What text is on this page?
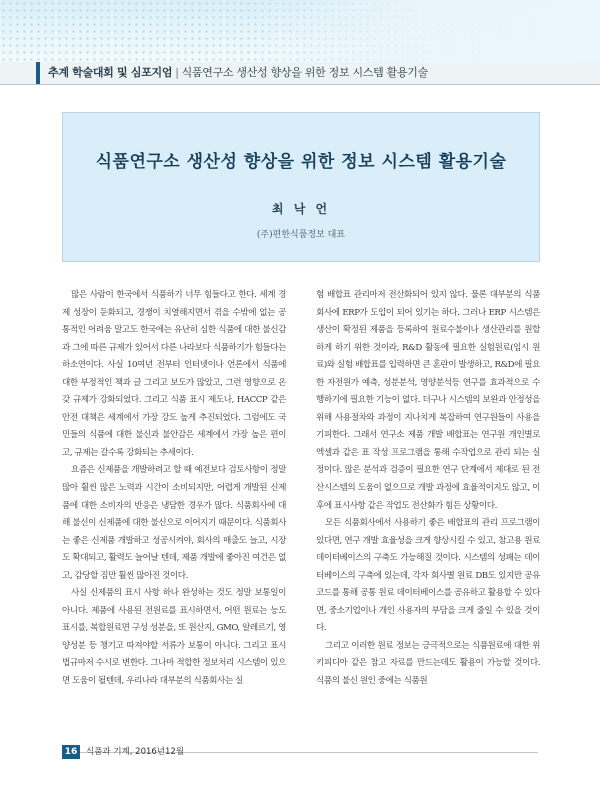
추계 학술대회 및 심포지엄 | 식품연구소 생산성 향상을 위한 정보 시스템 활용기술
식품연구소 생산성 향상을 위한 정보 시스템 활용기술
최 낙 언
(주)편한식품정보 대표

많은 사람이 한국에서 식품하기 너무 힘들다고 한다. 세계 경제 성장이 둔화되고, 경쟁이 치열해지면서 겪을 수밖에 없는 공통적인 어려움 말고도 한국에는 유난히 심한 식품에 대한 불신감과 그에 따른 규제가 있어서 다른 나라보다 식품하기가 힘들다는 하소연이다. 사실 10여년 전부터 인터넷이나 언론에서 식품에 대한 부정적인 책과 글 그리고 보도가 많았고, 그런 영향으로 온갖 규제가 강화되었다. 그리고 식품 표시 제도나, HACCP 같은 안전 대책은 세계에서 가장 강도 높게 추진되었다. 그럼에도 국민들의 식품에 대한 불신과 불안감은 세계에서 가장 높은 편이고, 규제는 갈수록 강화되는 추세이다.

요즘은 신제품을 개발하려고 할 때 예전보다 검토사항이 정말 많아 훨씬 많은 노력과 시간이 소비되지만, 어렵게 개발된 신제품에 대한 소비자의 반응은 냉담한 경우가 많다. 식품회사에 대해 불신이 신제품에 대한 불신으로 이어지기 때문이다. 식품회사는 좋은 신제품 개발하고 성공시켜야, 회사의 매출도 늘고, 시장도 확대되고, 활력도 늘어날 텐데, 제품 개발에 좋아진 여건은 없고, 감당할 짐만 훨씬 많아진 것이다.

사실 신제품의 표시 사항 하나 완성하는 것도 정말 보통일이 아니다. 제품에 사용된 전원료를 표시하면서, 어떤 원료는 능도 표시를, 복합원료면 구성 성분을, 또 원산지, GMO, 알레르기, 영양성분 등 챙기고 따져야할 서류가 보통이 아니다. 그리고 표시 법규마저 수시로 변한다. 그나마 적합한 정보처리 시스템이 있으면 도움이 될텐데, 우리나라 대부분의 식품회사는 실

험 배합표 관리마저 전산화되어 있지 않다. 물론 대부분의 식품회사에 ERP가 도입이 되어 있기는 하다. 그러나 ERP 시스템은 생산이 확정된 제품을 등록하여 원료수불이나 생산관리를 원할하게 하기 위한 것이라, R&D 활동에 필요한 실험원료(임시 원료)와 실험 배합표를 입력하면 큰 혼란이 발생하고, R&D에 필요한 자전원가 예측, 성분분석, 영양분석등 연구를 효과적으로 수행하기에 필요한 기능이 없다. 더구나 시스템의 보완과 안정성을 위해 사용절차와 과정이 지나치게 복잡하여 연구원들이 사용을 기피한다. 그래서 연구소 제품 개발 배합표는 연구원 개인별로 엑셀과 같은 표 작성 프로그램을 통해 수작업으로 관리 되는 실정이다. 많은 분석과 검증이 필요한 연구 단계에서 제대로 된 전산시스템의 도움이 없으므로 개발 과정에 효율적이지도 않고, 이후에 표시사항 같은 작업도 전산화가 힘든 상황이다.

모든 식품회사에서 사용하기 좋은 배합표의 관리 프로그램이 있다면, 연구 개발 효율성을 크게 향상시킬 수 있고, 참고용 원료 데이터베이스의 구축도 가능해질 것이다. 시스템의 성패는 데이터베이스의 구축에 있는데, 각자 회사별 원료 DB도 있지만 공유 코드를 통해 공통 원료 데이터베이스를 공유하고 활용할 수 있다면, 중소기업이나 개인 사용자의 부담을 크게 줄일 수 있을 것이다.

그리고 이러한 원료 정보는 긍극적으로는 식품원료에 대한 위키피디아 같은 참고 자료를 만드는데도 활용이 가능할 것이다. 식품의 불신 원인 중에는 식품원

16	식품과 기계, 2016년12월
